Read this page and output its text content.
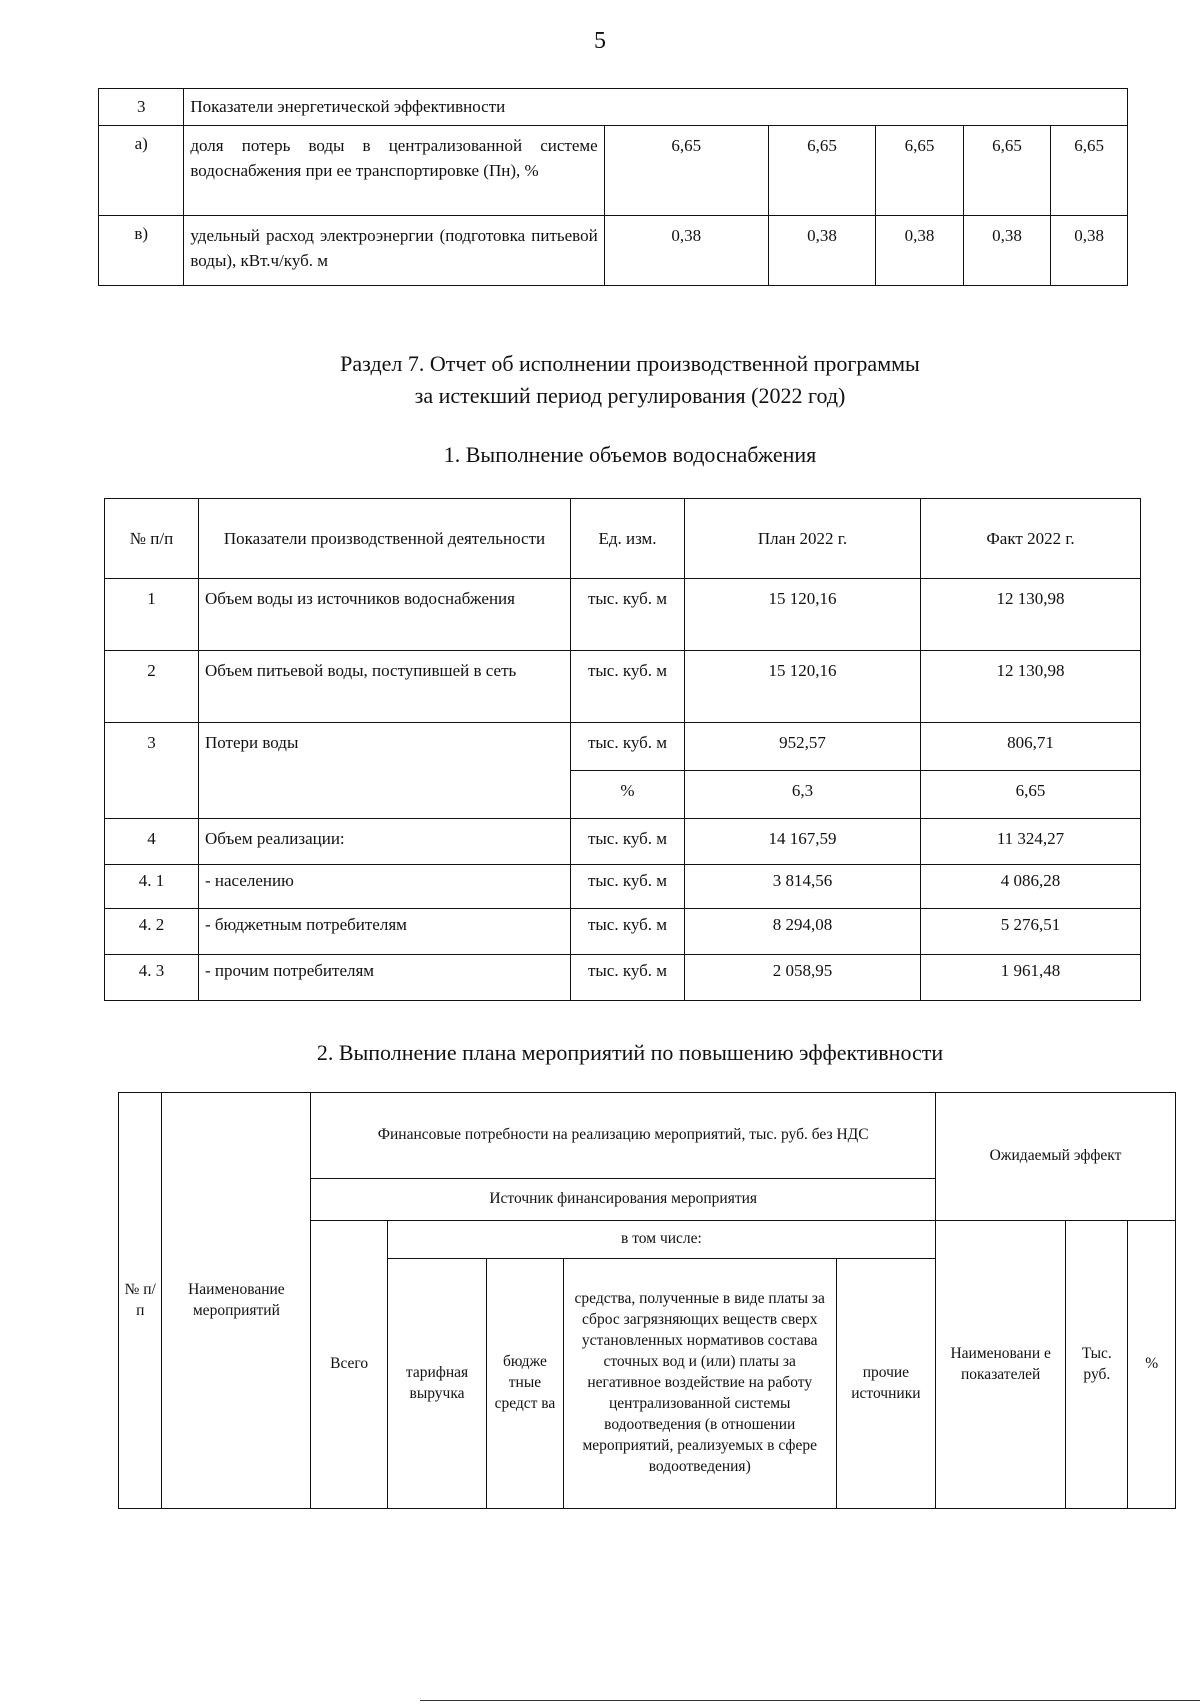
5
3	Показатели энергетической эффективности					
а)	доля потерь воды в централизованной системе водоснабжения при ее транспортировке (Пн), %	6,65	6,65	6,65	6,65	6,65
в)	удельный расход электроэнергии (подготовка питьевой воды), кВт.ч/куб. м	0,38	0,38	0,38	0,38	0,38
Раздел 7. Отчет об исполнении производственной программы
за истекший период регулирования (2022 год)
1. Выполнение объемов водоснабжения
№ п/п	Показатели производственной деятельности	Ед. изм.	План 2022 г.	Факт 2022 г.
1	Объем воды из источников водоснабжения	тыс. куб. м	15 120,16	12 130,98
2	Объем питьевой воды, поступившей в сеть	тыс. куб. м	15 120,16	12 130,98
3	Потери воды	тыс. куб. м	952,57	806,71
		%	6,3	6,65
4	Объем реализации:	тыс. куб. м	14 167,59	11 324,27
4. 1	- населению	тыс. куб. м	3 814,56	4 086,28
4. 2	- бюджетным потребителям	тыс. куб. м	8 294,08	5 276,51
4. 3	- прочим потребителям	тыс. куб. м	2 058,95	1 961,48
2. Выполнение плана мероприятий по повышению эффективности
№ п/п	Наименование мероприятий	Финансовые потребности на реализацию мероприятий, тыс. руб. без НДС					Ожидаемый эффект		
		Источник финансирования мероприятия							
		Всего	в том числе:				Наименовани е показателей	Тыс. руб.	%
			тарифная выручка	бюдже тные средст ва	средства, полученные в виде платы за сброс загрязняющих веществ сверх установленных нормативов состава сточных вод и (или) платы за негативное воздействие на работу централизованной системы водоотведения (в отношении мероприятий, реализуемых в сфере водоотведения)	прочие источники			
